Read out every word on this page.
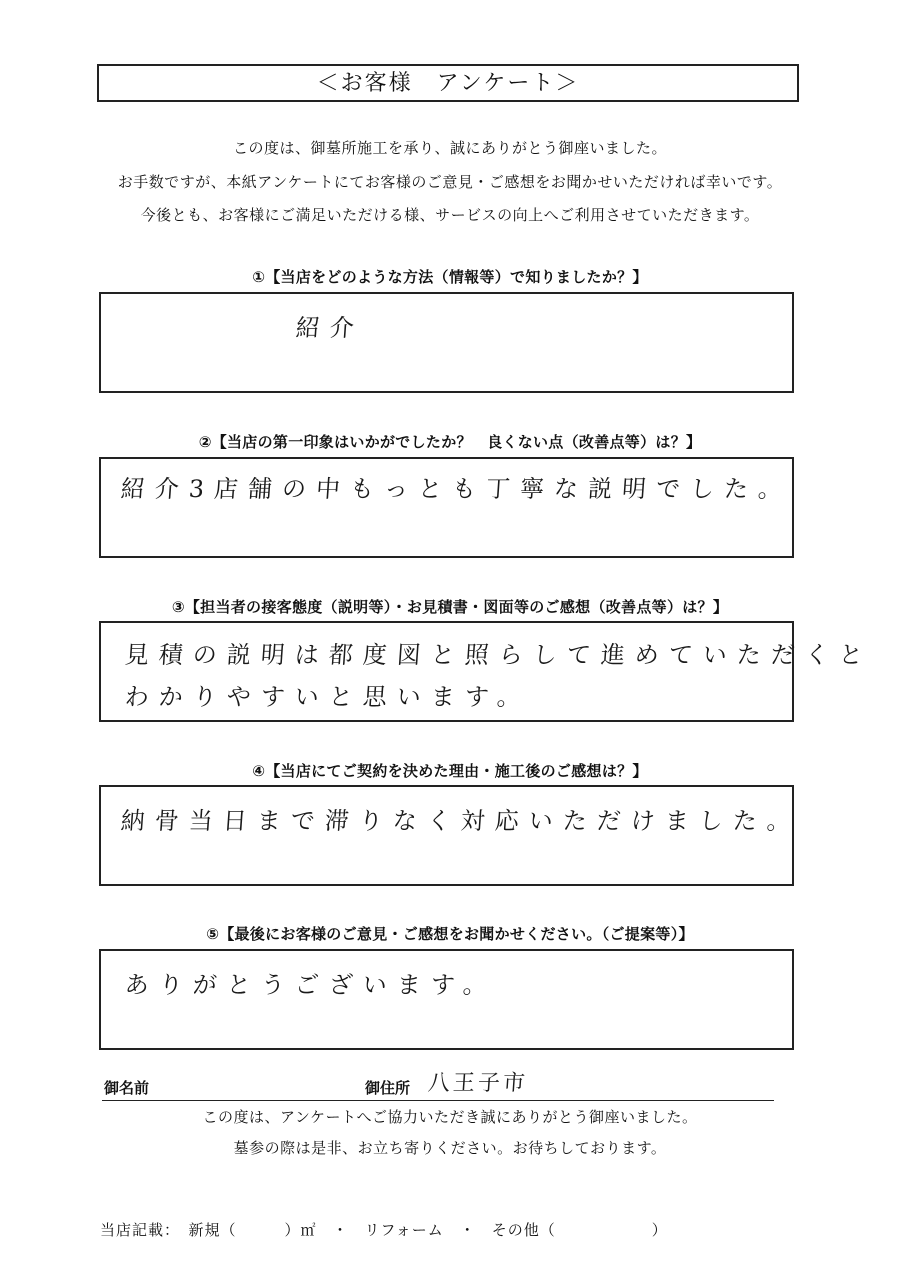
＜お客様　アンケート＞
この度は、御墓所施工を承り、誠にありがとう御座いました。
お手数ですが、本紙アンケートにてお客様のご意見・ご感想をお聞かせいただければ幸いです。
今後とも、お客様にご満足いただける様、サービスの向上へご利用させていただきます。
①【当店をどのような方法（情報等）で知りましたか？】
紹介
②【当店の第一印象はいかがでしたか？　良くない点（改善点等）は？】
紹介3店舗の中もっとも丁寧な説明でした。
③【担当者の接客態度（説明等）・お見積書・図面等のご感想（改善点等）は？】
見積の説明は都度図と照らして進めていただくと
わかりやすいと思います。
④【当店にてご契約を決めた理由・施工後のご感想は？】
納骨当日まで滞りなく対応いただけました。
⑤【最後にお客様のご意見・ご感想をお聞かせください。（ご提案等）】
ありがとうございます。
御名前	御住所 八王子市
この度は、アンケートへご協力いただき誠にありがとう御座いました。
墓参の際は是非、お立ち寄りください。お待ちしております。
当店記載：　新規（　　　）㎡　・　リフォーム　・　その他（　　　　　　）
